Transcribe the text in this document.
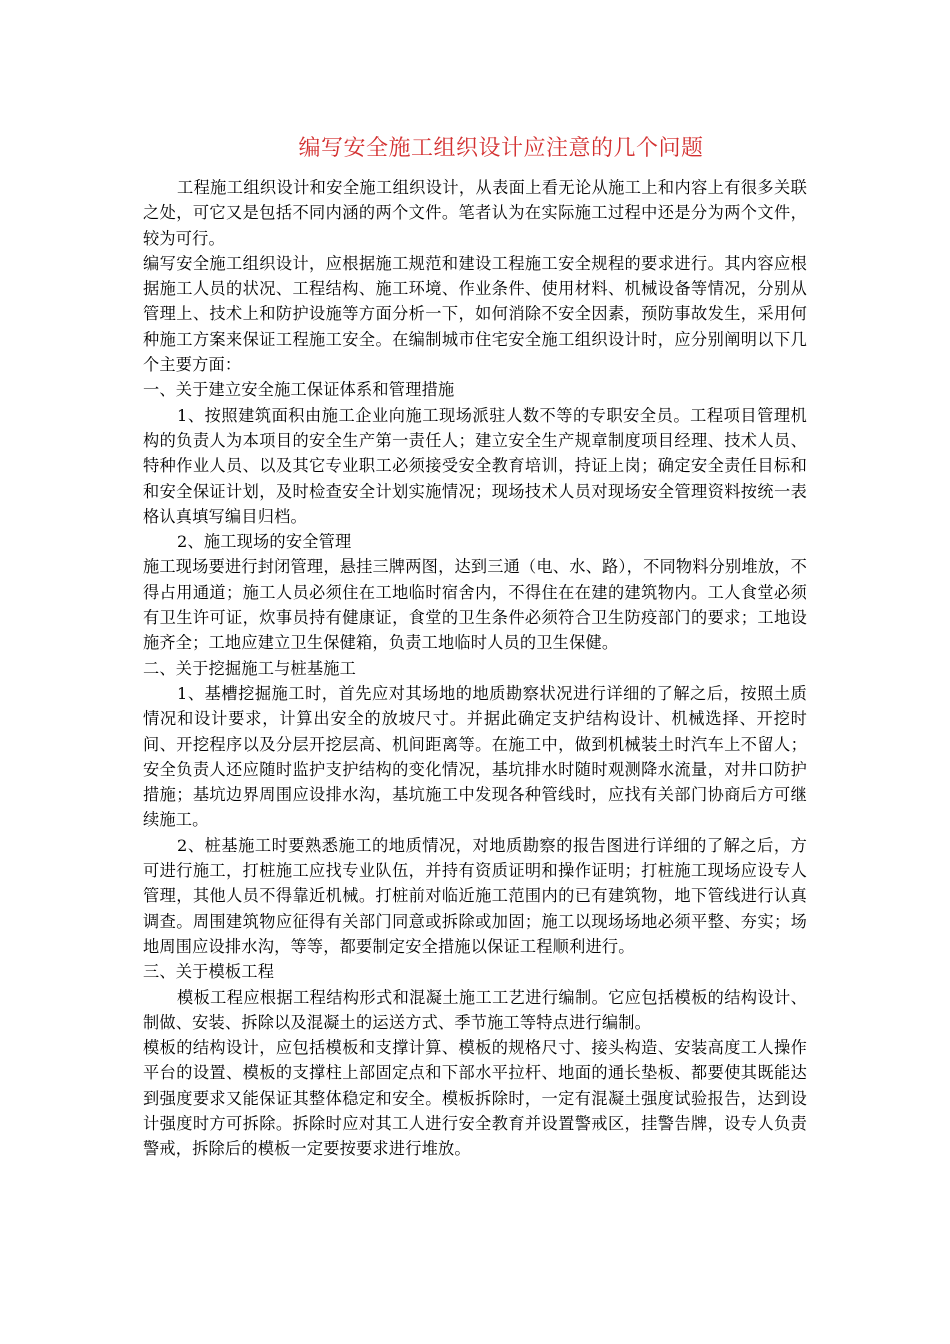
编写安全施工组织设计应注意的几个问题

工程施工组织设计和安全施工组织设计，从表面上看无论从施工上和内容上有很多关联之处，可它又是包括不同内涵的两个文件。笔者认为在实际施工过程中还是分为两个文件，较为可行。

编写安全施工组织设计，应根据施工规范和建设工程施工安全规程的要求进行。其内容应根据施工人员的状况、工程结构、施工环境、作业条件、使用材料、机械设备等情况，分别从管理上、技术上和防护设施等方面分析一下，如何消除不安全因素，预防事故发生，采用何种施工方案来保证工程施工安全。在编制城市住宅安全施工组织设计时，应分别阐明以下几个主要方面：

一、关于建立安全施工保证体系和管理措施

1、按照建筑面积由施工企业向施工现场派驻人数不等的专职安全员。工程项目管理机构的负责人为本项目的安全生产第一责任人；建立安全生产规章制度项目经理、技术人员、特种作业人员、以及其它专业职工必须接受安全教育培训，持证上岗；确定安全责任目标和和安全保证计划，及时检查安全计划实施情况；现场技术人员对现场安全管理资料按统一表格认真填写编目归档。

2、施工现场的安全管理

施工现场要进行封闭管理，悬挂三牌两图，达到三通（电、水、路），不同物料分别堆放，不得占用通道；施工人员必须住在工地临时宿舍内，不得住在在建的建筑物内。工人食堂必须有卫生许可证，炊事员持有健康证，食堂的卫生条件必须符合卫生防疫部门的要求；工地设施齐全；工地应建立卫生保健箱，负责工地临时人员的卫生保健。

二、关于挖掘施工与桩基施工

1、基槽挖掘施工时，首先应对其场地的地质勘察状况进行详细的了解之后，按照土质情况和设计要求，计算出安全的放坡尺寸。并据此确定支护结构设计、机械选择、开挖时间、开挖程序以及分层开挖层高、机间距离等。在施工中，做到机械装土时汽车上不留人；安全负责人还应随时监护支护结构的变化情况，基坑排水时随时观测降水流量，对井口防护措施；基坑边界周围应设排水沟，基坑施工中发现各种管线时，应找有关部门协商后方可继续施工。

2、桩基施工时要熟悉施工的地质情况，对地质勘察的报告图进行详细的了解之后，方可进行施工，打桩施工应找专业队伍，并持有资质证明和操作证明；打桩施工现场应设专人管理，其他人员不得靠近机械。打桩前对临近施工范围内的已有建筑物，地下管线进行认真调查。周围建筑物应征得有关部门同意或拆除或加固；施工以现场场地必须平整、夯实；场地周围应设排水沟，等等，都要制定安全措施以保证工程顺利进行。

三、关于模板工程

模板工程应根据工程结构形式和混凝土施工工艺进行编制。它应包括模板的结构设计、制做、安装、拆除以及混凝土的运送方式、季节施工等特点进行编制。

模板的结构设计，应包括模板和支撑计算、模板的规格尺寸、接头构造、安装高度工人操作平台的设置、模板的支撑柱上部固定点和下部水平拉杆、地面的通长垫板、都要使其既能达到强度要求又能保证其整体稳定和安全。模板拆除时，一定有混凝土强度试验报告，达到设计强度时方可拆除。拆除时应对其工人进行安全教育并设置警戒区，挂警告牌，设专人负责警戒，拆除后的模板一定要按要求进行堆放。
